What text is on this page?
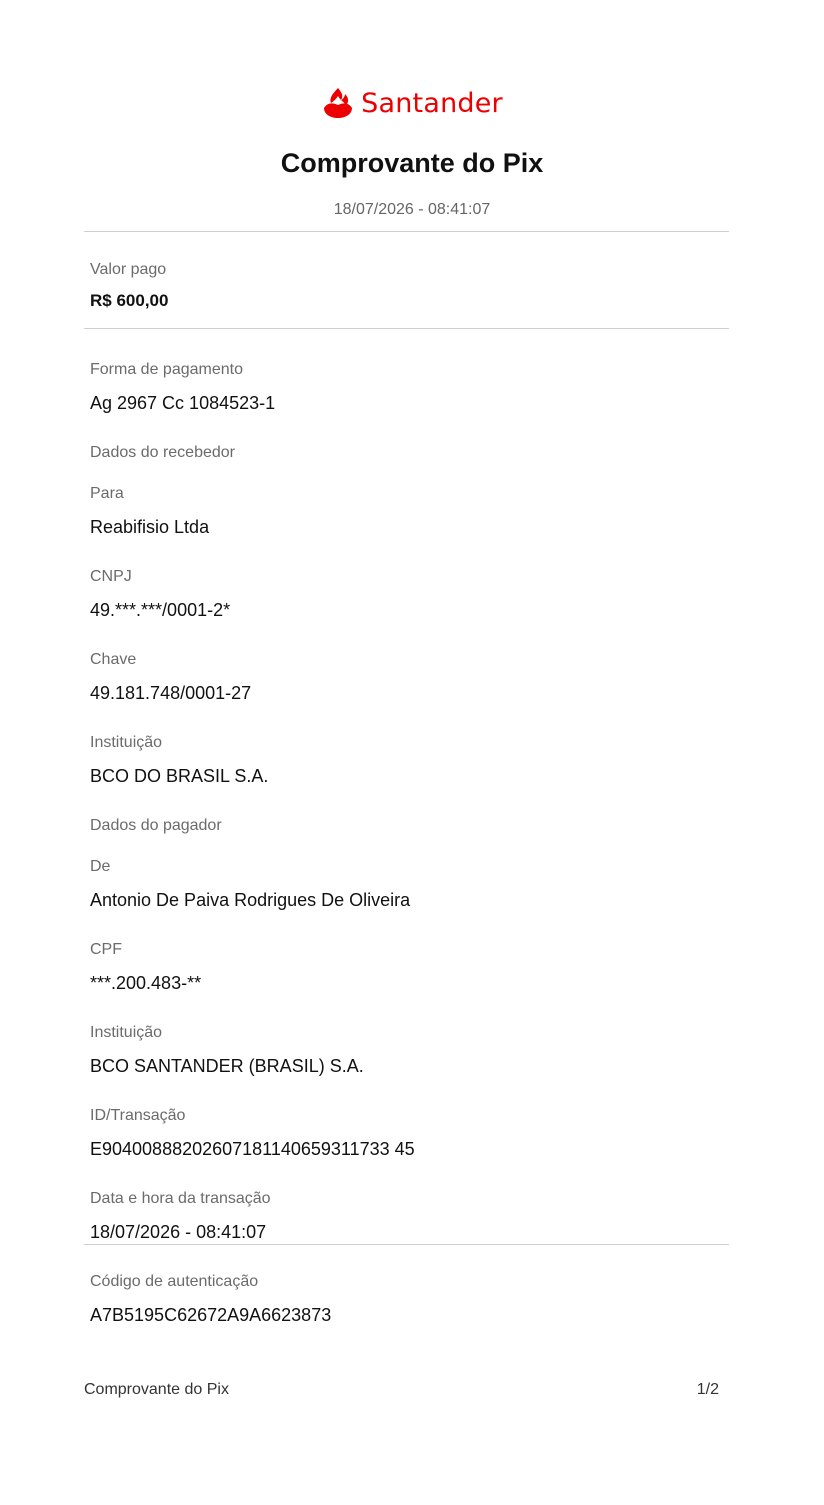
Santander
Comprovante do Pix
18/07/2026 - 08:41:07
Valor pago
R$ 600,00
Forma de pagamento
Ag 2967 Cc 1084523-1
Dados do recebedor
Para
Reabifisio Ltda
CNPJ
49.***.***/0001-2*
Chave
49.181.748/0001-27
Instituição
BCO DO BRASIL S.A.
Dados do pagador
De
Antonio De Paiva Rodrigues De Oliveira
CPF
***.200.483-**
Instituição
BCO SANTANDER (BRASIL) S.A.
ID/Transação
E90400888202607181140659311733 45
Data e hora da transação
18/07/2026 - 08:41:07
Código de autenticação
A7B5195C62672A9A6623873
Comprovante do Pix	1/2
